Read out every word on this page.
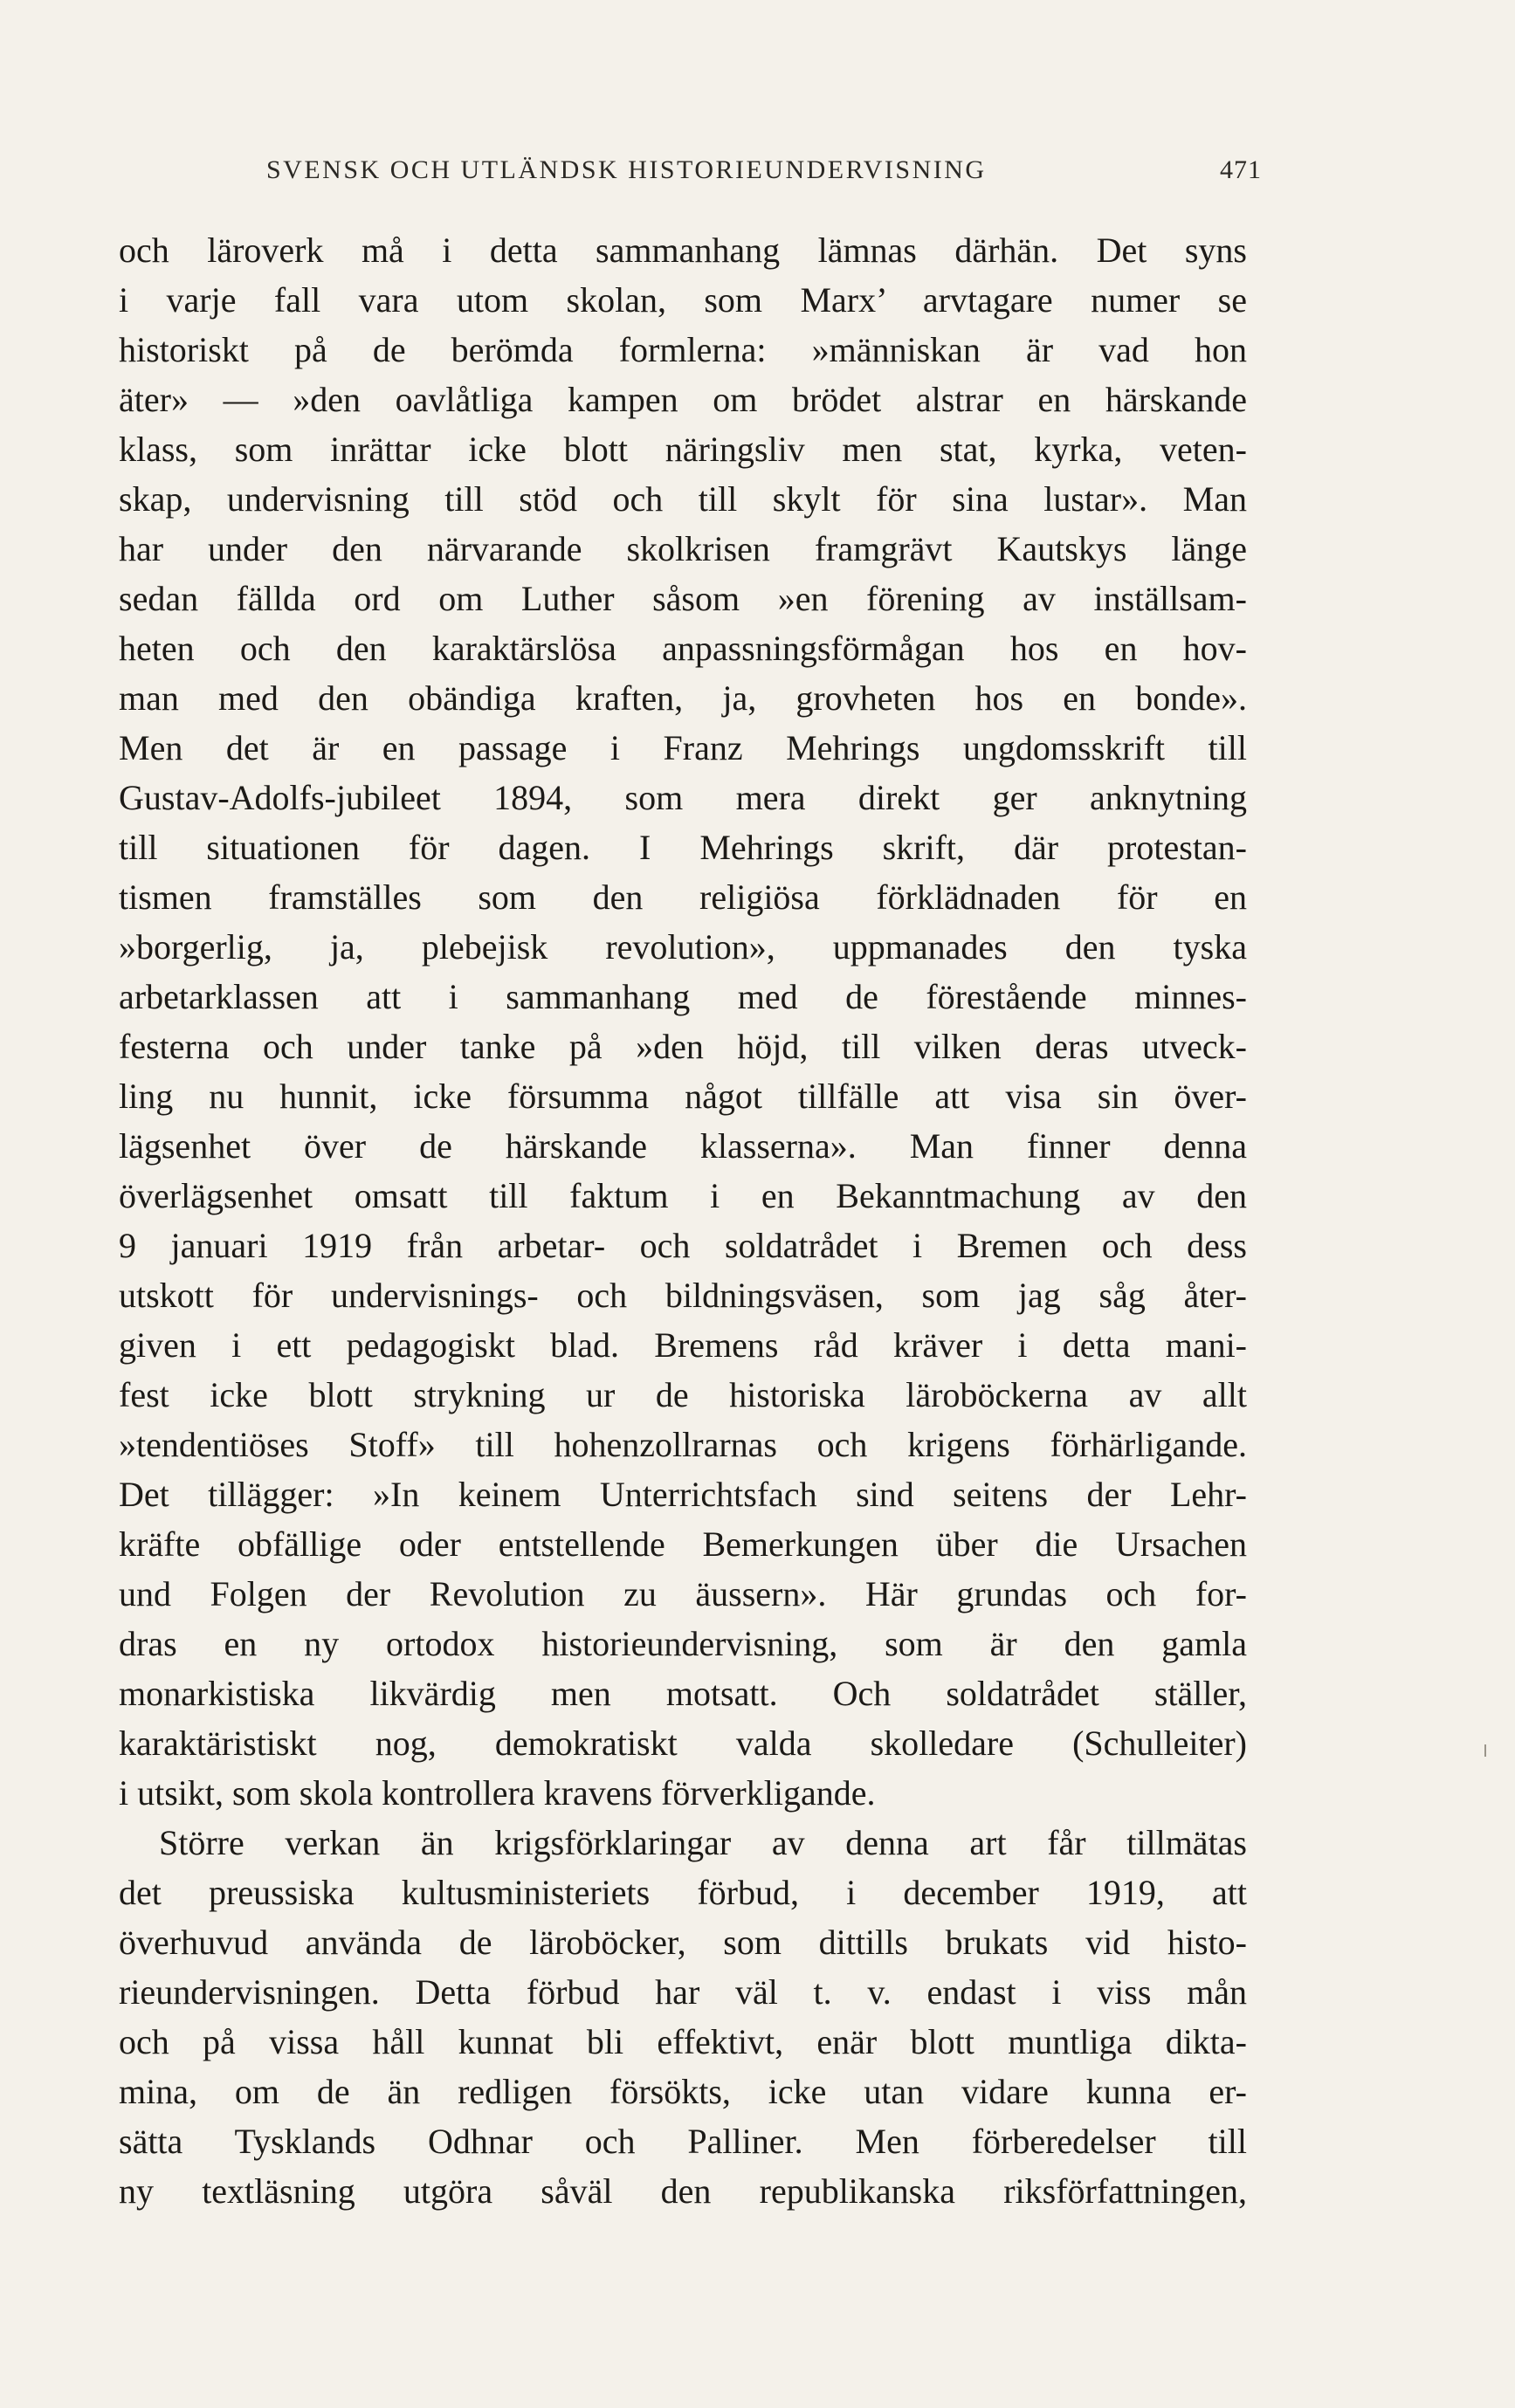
SVENSK OCH UTLÄNDSK HISTORIEUNDERVISNING	471
och läroverk må i detta sammanhang lämnas därhän. Det syns
i varje fall vara utom skolan, som Marx’ arvtagare numer se
historiskt på de berömda formlerna: »människan är vad hon
äter» — »den oavlåtliga kampen om brödet alstrar en härskande
klass, som inrättar icke blott näringsliv men stat, kyrka, veten-
skap, undervisning till stöd och till skylt för sina lustar». Man
har under den närvarande skolkrisen framgrävt Kautskys länge
sedan fällda ord om Luther såsom »en förening av inställsam-
heten och den karaktärslösa anpassningsförmågan hos en hov-
man med den obändiga kraften, ja, grovheten hos en bonde».
Men det är en passage i Franz Mehrings ungdomsskrift till
Gustav-Adolfs-jubileet 1894, som mera direkt ger anknytning
till situationen för dagen. I Mehrings skrift, där protestan-
tismen framställes som den religiösa förklädnaden för en
»borgerlig, ja, plebejisk revolution», uppmanades den tyska
arbetarklassen att i sammanhang med de förestående minnes-
festerna och under tanke på »den höjd, till vilken deras utveck-
ling nu hunnit, icke försumma något tillfälle att visa sin över-
lägsenhet över de härskande klasserna». Man finner denna
överlägsenhet omsatt till faktum i en Bekanntmachung av den
9 januari 1919 från arbetar- och soldatrådet i Bremen och dess
utskott för undervisnings- och bildningsväsen, som jag såg åter-
given i ett pedagogiskt blad. Bremens råd kräver i detta mani-
fest icke blott strykning ur de historiska läroböckerna av allt
»tendentiöses Stoff» till hohenzollrarnas och krigens förhärligande.
Det tillägger: »In keinem Unterrichtsfach sind seitens der Lehr-
kräfte obfällige oder entstellende Bemerkungen über die Ursachen
und Folgen der Revolution zu äussern». Här grundas och for-
dras en ny ortodox historieundervisning, som är den gamla
monarkistiska likvärdig men motsatt. Och soldatrådet ställer,
karaktäristiskt nog, demokratiskt valda skolledare (Schulleiter)
i utsikt, som skola kontrollera kravens förverkligande.
Större verkan än krigsförklaringar av denna art får tillmätas
det preussiska kultusministeriets förbud, i december 1919, att
överhuvud använda de läroböcker, som dittills brukats vid histo-
rieundervisningen. Detta förbud har väl t. v. endast i viss mån
och på vissa håll kunnat bli effektivt, enär blott muntliga dikta-
mina, om de än redligen försökts, icke utan vidare kunna er-
sätta Tysklands Odhnar och Palliner. Men förberedelser till
ny textläsning utgöra såväl den republikanska riksförfattningen,
